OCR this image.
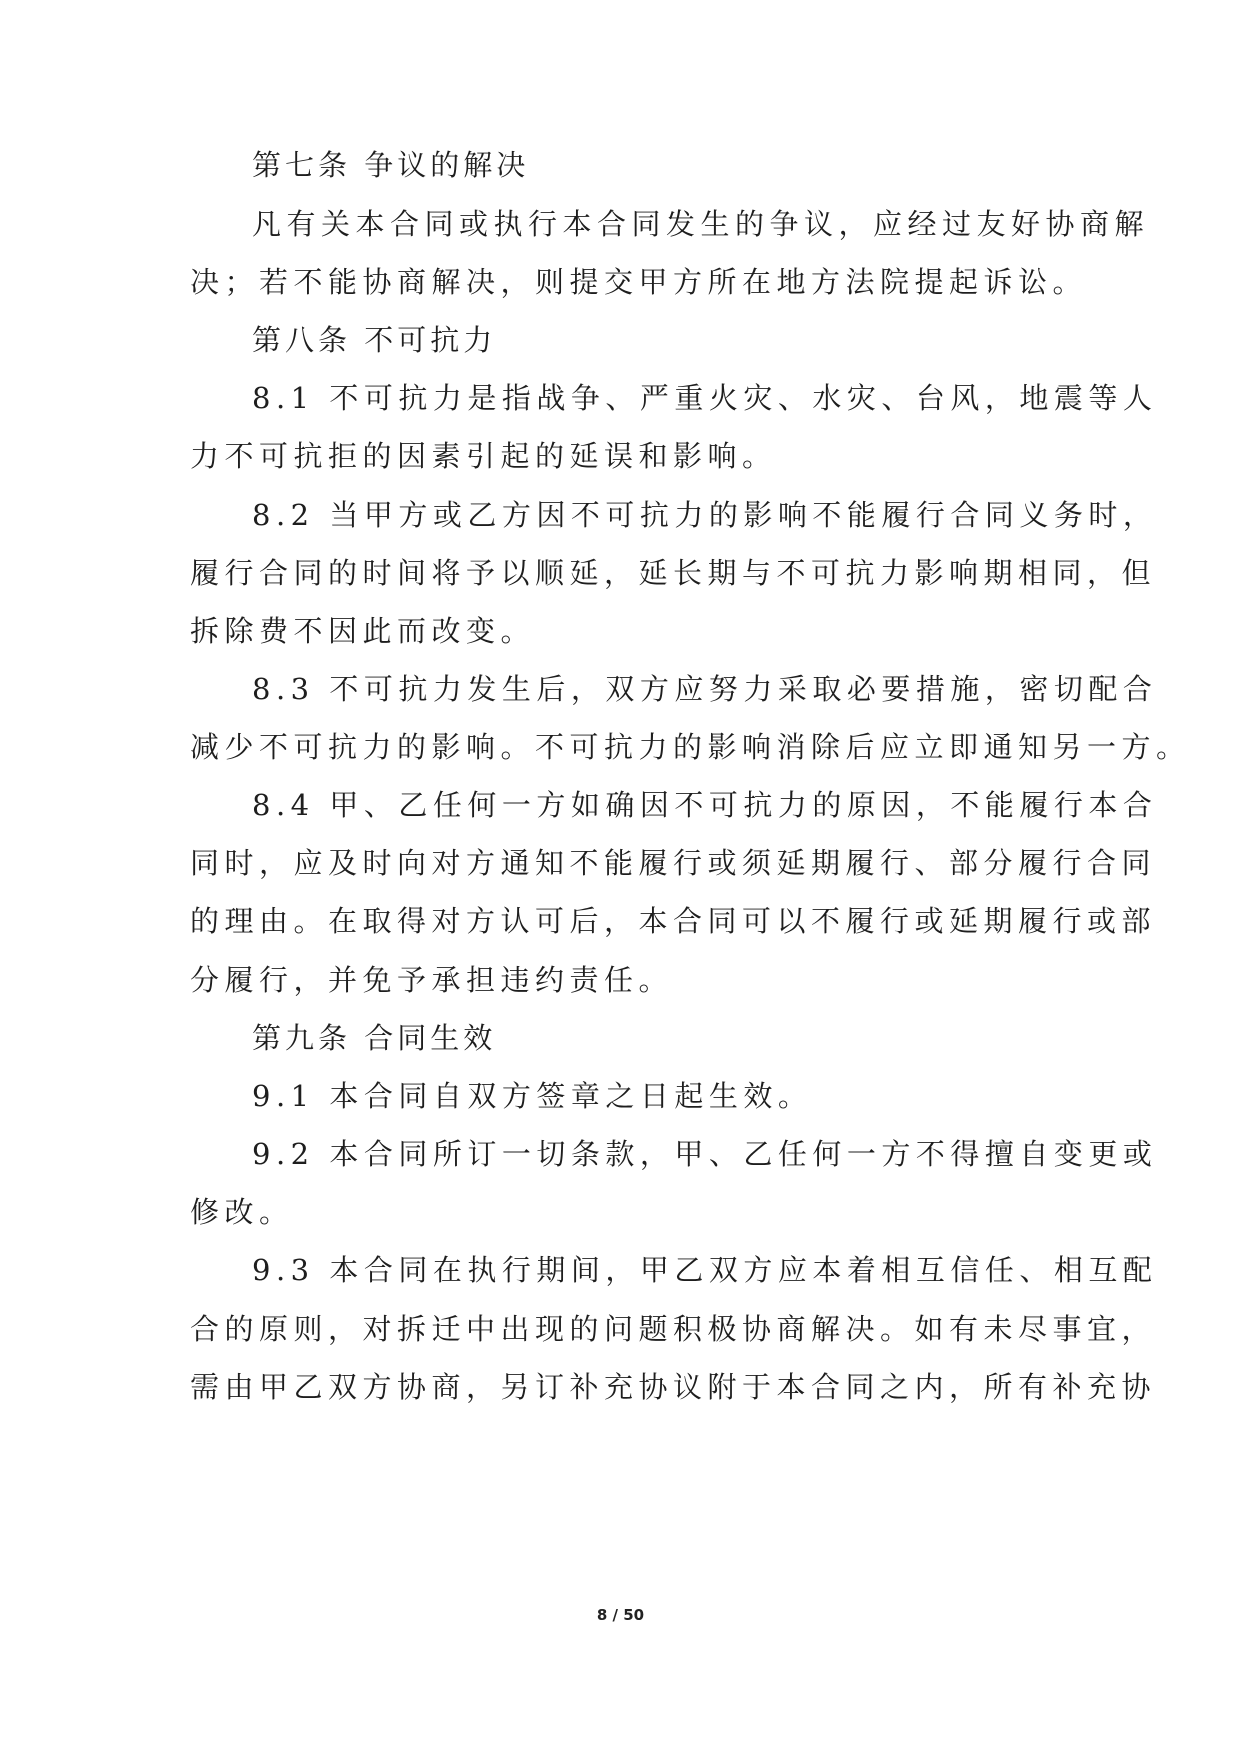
第七条 争议的解决
凡有关本合同或执行本合同发生的争议，应经过友好协商解
决；若不能协商解决，则提交甲方所在地方法院提起诉讼。
第八条 不可抗力
8.1 不可抗力是指战争、严重火灾、水灾、台风，地震等人
力不可抗拒的因素引起的延误和影响。
8.2 当甲方或乙方因不可抗力的影响不能履行合同义务时，
履行合同的时间将予以顺延，延长期与不可抗力影响期相同，但
拆除费不因此而改变。
8.3 不可抗力发生后，双方应努力采取必要措施，密切配合
减少不可抗力的影响。不可抗力的影响消除后应立即通知另一方。
8.4 甲、乙任何一方如确因不可抗力的原因，不能履行本合
同时，应及时向对方通知不能履行或须延期履行、部分履行合同
的理由。在取得对方认可后，本合同可以不履行或延期履行或部
分履行，并免予承担违约责任。
第九条 合同生效
9.1 本合同自双方签章之日起生效。
9.2 本合同所订一切条款，甲、乙任何一方不得擅自变更或
修改。
9.3 本合同在执行期间，甲乙双方应本着相互信任、相互配
合的原则，对拆迁中出现的问题积极协商解决。如有未尽事宜，
需由甲乙双方协商，另订补充协议附于本合同之内，所有补充协
8 / 50
